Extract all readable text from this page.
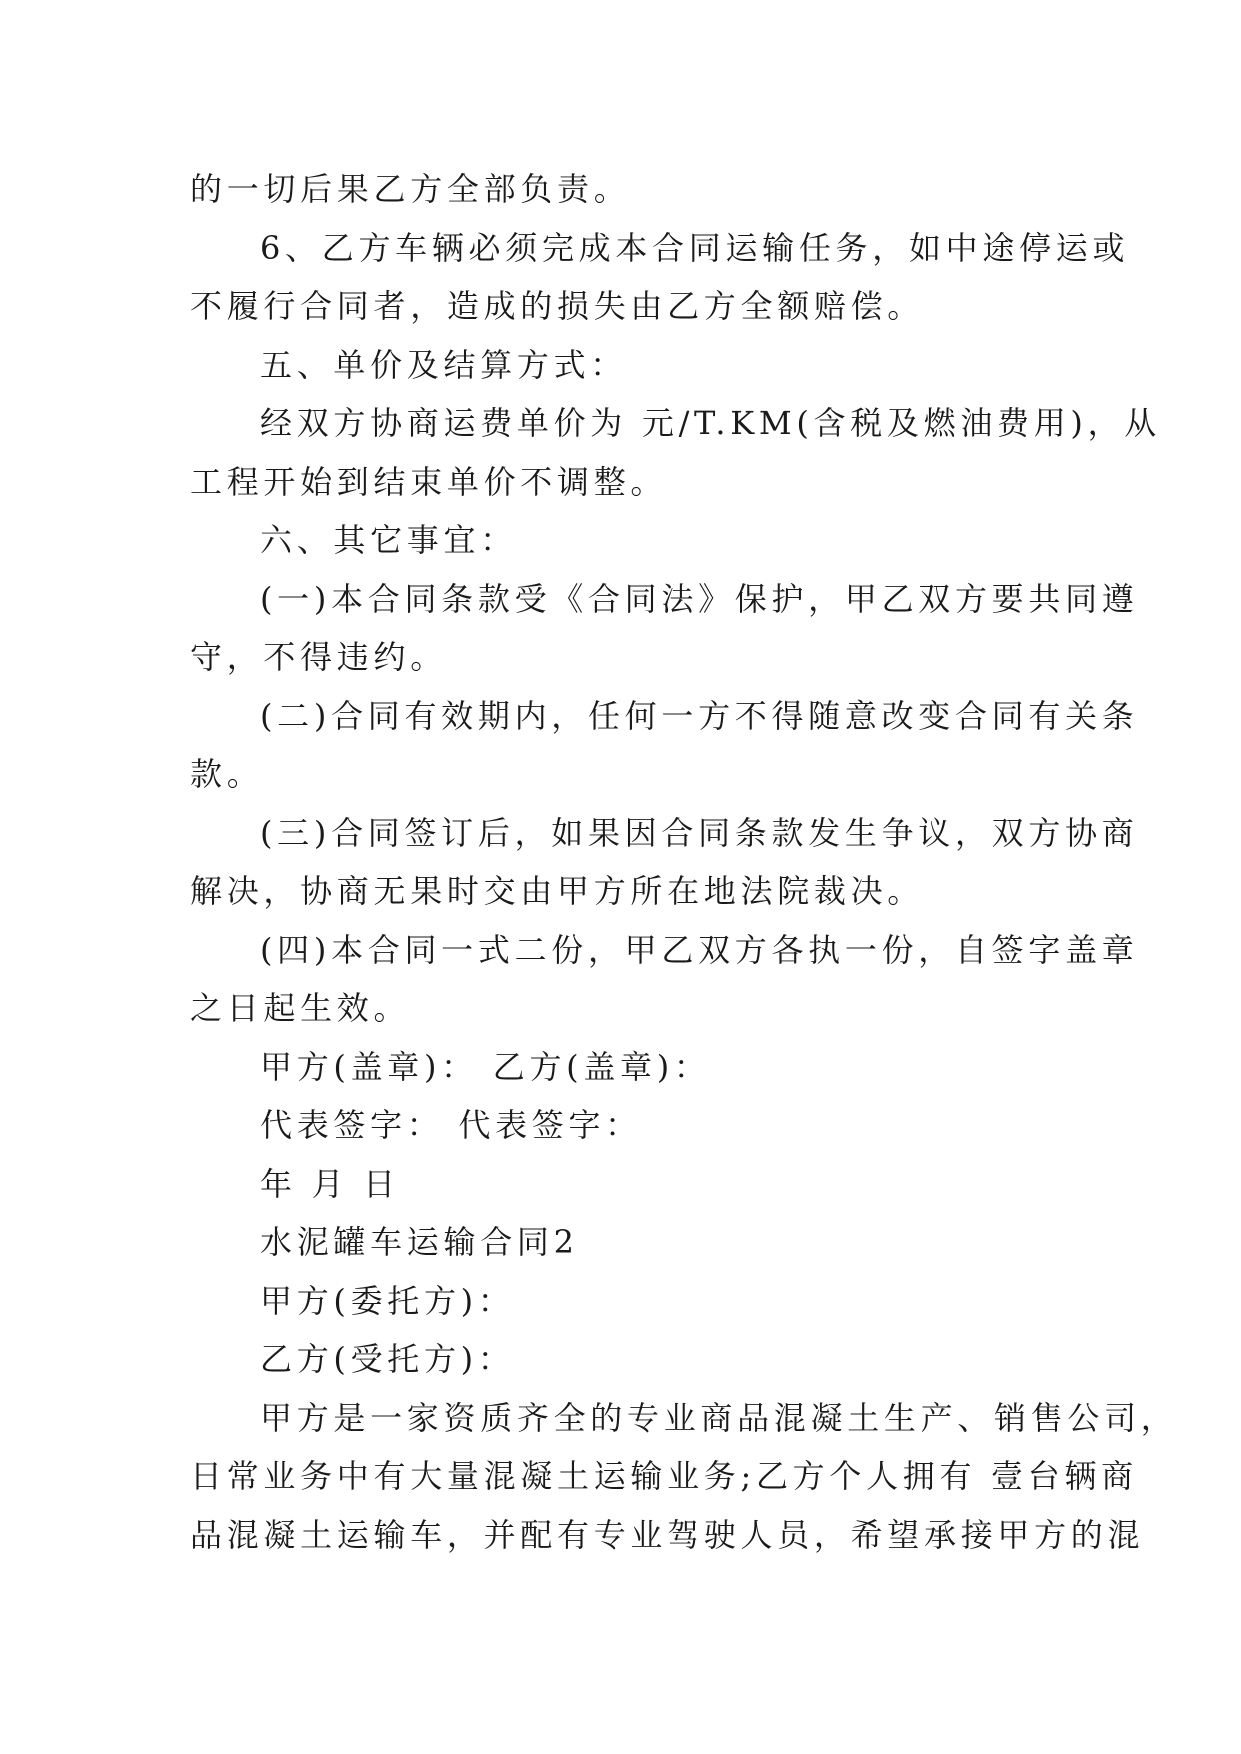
的一切后果乙方全部负责。
6、乙方车辆必须完成本合同运输任务，如中途停运或
不履行合同者，造成的损失由乙方全额赔偿。
五、单价及结算方式：
经双方协商运费单价为 元/T.KM(含税及燃油费用)，从
工程开始到结束单价不调整。
六、其它事宜：
(一)本合同条款受《合同法》保护，甲乙双方要共同遵
守，不得违约。
(二)合同有效期内，任何一方不得随意改变合同有关条
款。
(三)合同签订后，如果因合同条款发生争议，双方协商
解决，协商无果时交由甲方所在地法院裁决。
(四)本合同一式二份，甲乙双方各执一份，自签字盖章
之日起生效。
甲方(盖章)： 乙方(盖章)：
代表签字： 代表签字：
年 月 日
水泥罐车运输合同2
甲方(委托方)：
乙方(受托方)：
甲方是一家资质齐全的专业商品混凝土生产、销售公司，
日常业务中有大量混凝土运输业务;乙方个人拥有 壹台辆商
品混凝土运输车，并配有专业驾驶人员，希望承接甲方的混
